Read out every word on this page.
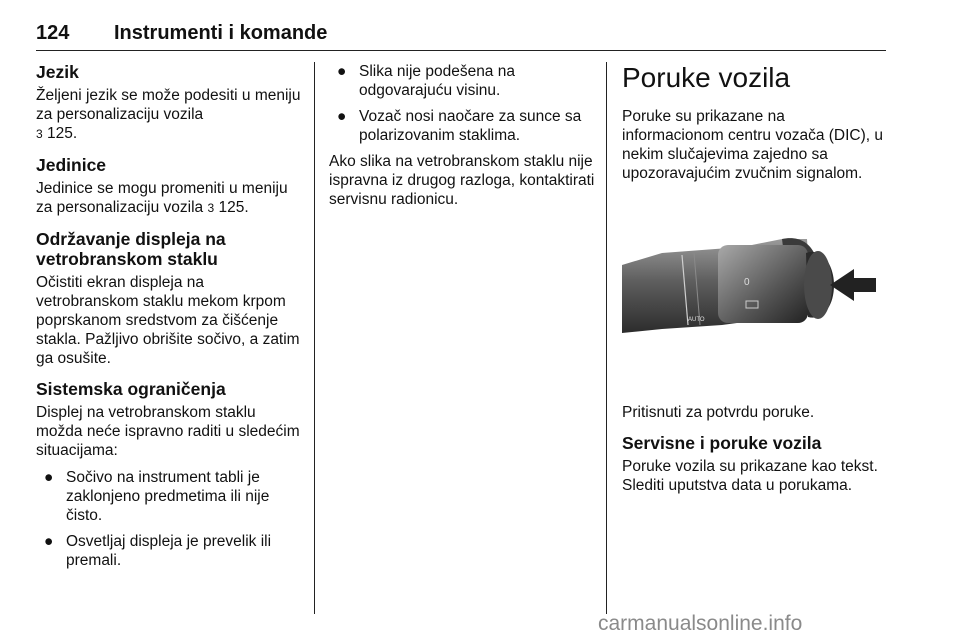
124 Instrumenti i komande
Jezik

Željeni jezik se može podesiti u meniju za personalizaciju vozila
3 125.

Jedinice

Jedinice se mogu promeniti u meniju za personalizaciju vozila 3 125.

Održavanje displeja na vetrobranskom staklu

Očistiti ekran displeja na vetrobranskom staklu mekom krpom poprskanom sredstvom za čišćenje stakla. Pažljivo obrišite sočivo, a zatim ga osušite.

Sistemska ograničenja

Displej na vetrobranskom staklu možda neće ispravno raditi u sledećim situacijama:

● Sočivo na instrument tabli je zaklonjeno predmetima ili nije čisto.
● Osvetljaj displeja je prevelik ili premali.
● Slika nije podešena na odgovarajuću visinu.
● Vozač nosi naočare za sunce sa polarizovanim staklima.

Ako slika na vetrobranskom staklu nije ispravna iz drugog razloga, kontaktirati servisnu radionicu.

Poruke vozila

Poruke su prikazane na informacionom centru vozača (DIC), u nekim slučajevima zajedno sa upozoravajućim zvučnim signalom.

AUTO
0

Pritisnuti za potvrdu poruke.

Servisne i poruke vozila

Poruke vozila su prikazane kao tekst. Slediti uputstva data u porukama.

carmanualsonline.info
